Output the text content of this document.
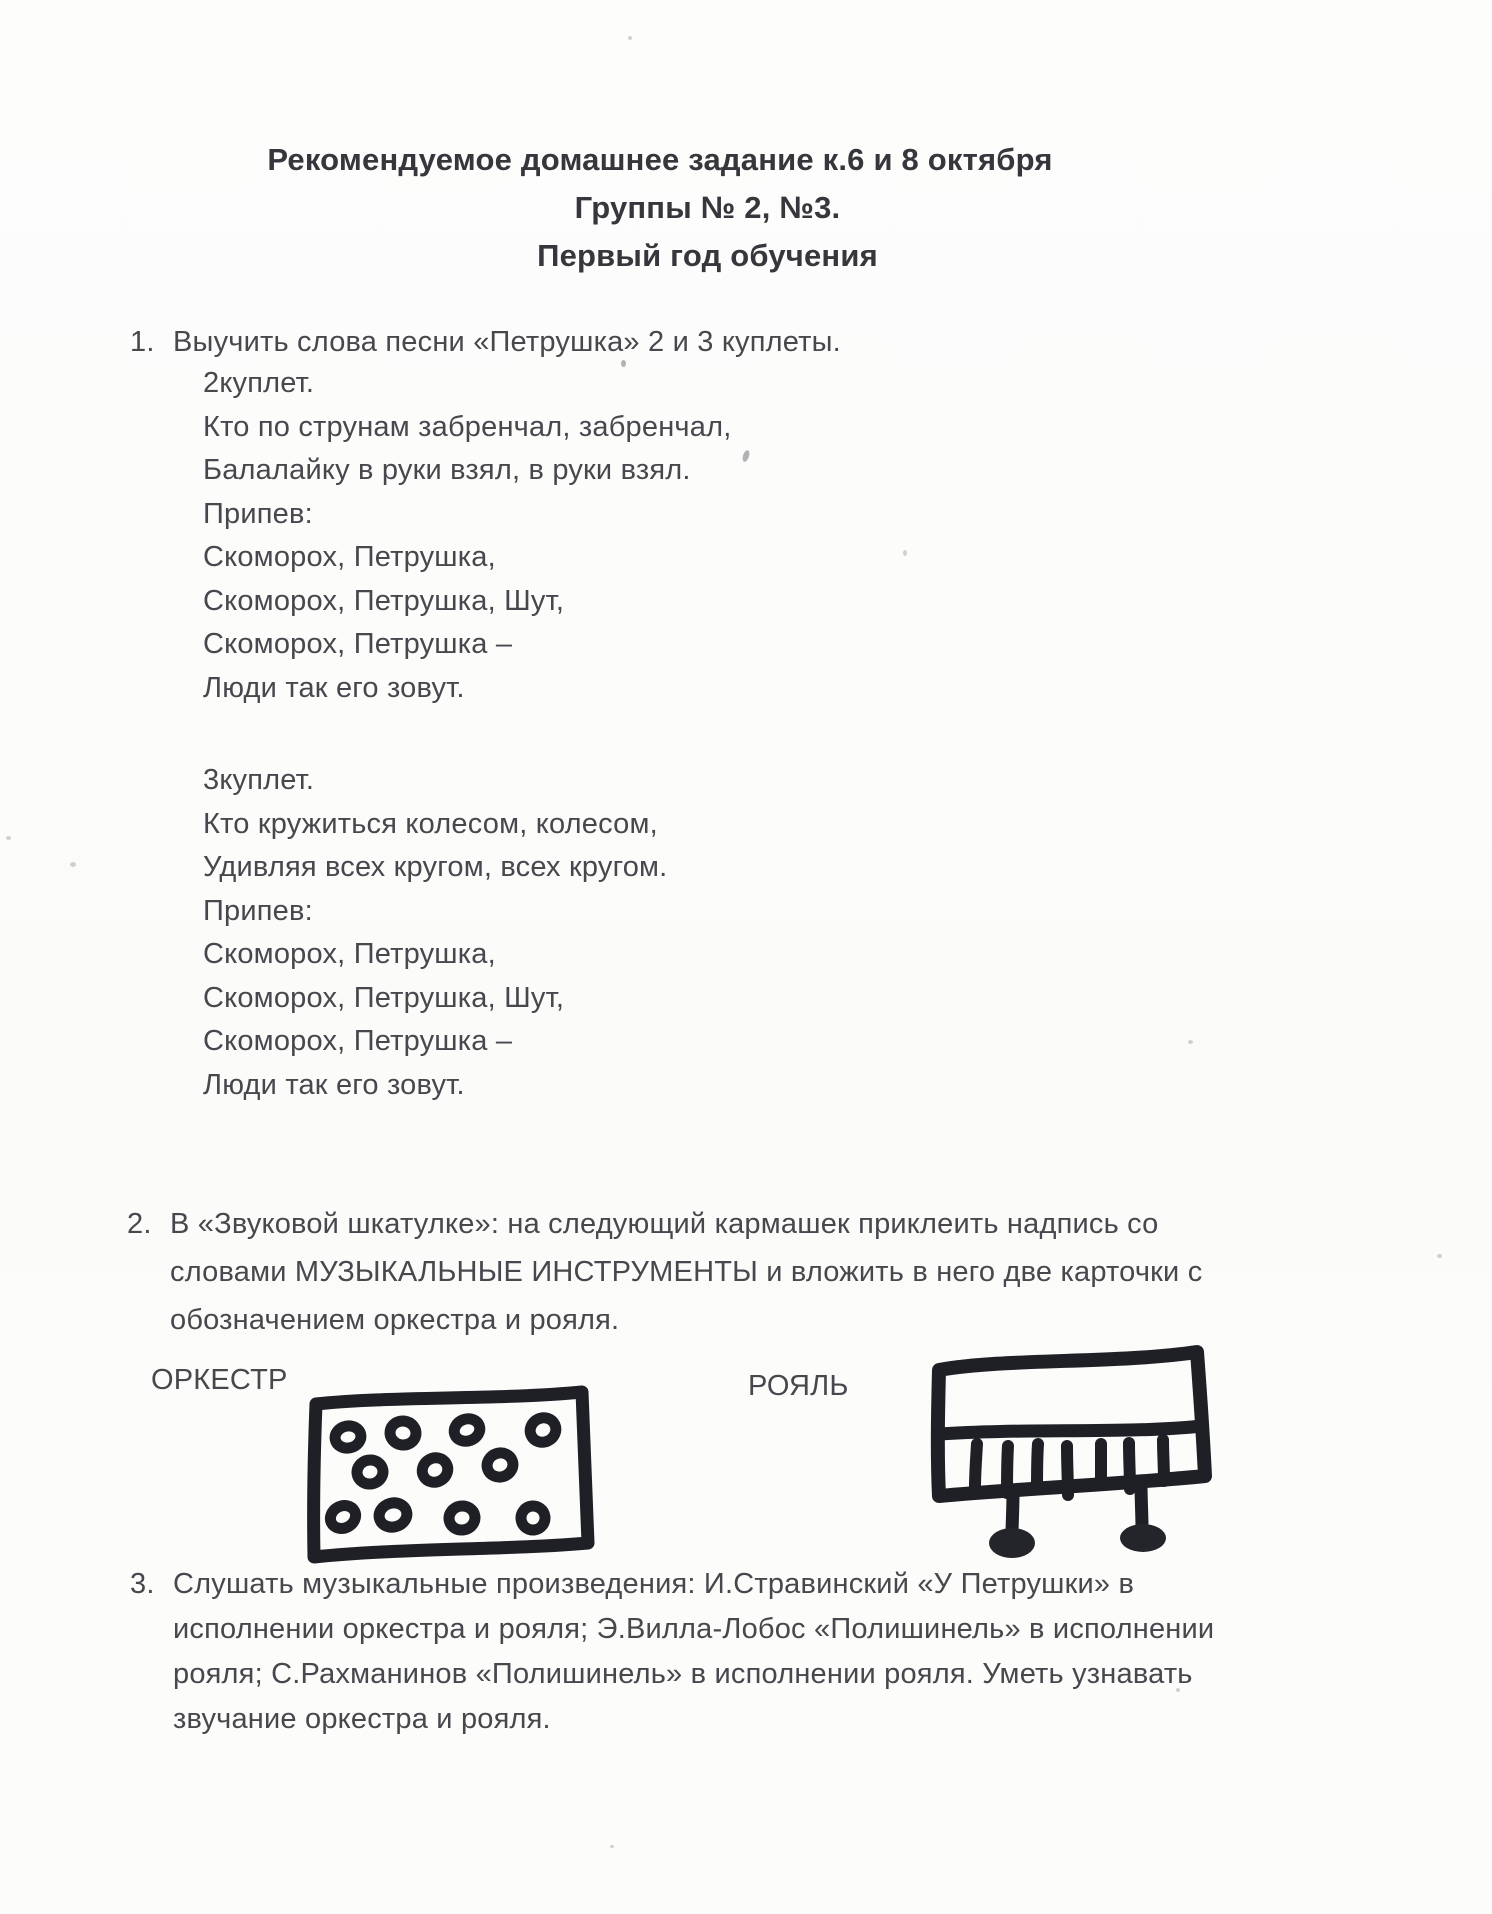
Рекомендуемое домашнее задание к.6 и 8 октября
Группы № 2, №3.
Первый год обучения
1. Выучить слова песни «Петрушка» 2 и 3 куплеты.
2куплет.
Кто по струнам забренчал, забренчал,
Балалайку в руки взял, в руки взял.
Припев:
Скоморох, Петрушка,
Скоморох, Петрушка, Шут,
Скоморох, Петрушка –
Люди так его зовут.
3куплет.
Кто кружиться колесом, колесом,
Удивляя всех кругом, всех кругом.
Припев:
Скоморох, Петрушка,
Скоморох, Петрушка, Шут,
Скоморох, Петрушка –
Люди так его зовут.
2. В «Звуковой шкатулке»: на следующий кармашек приклеить надпись со
словами МУЗЫКАЛЬНЫЕ ИНСТРУМЕНТЫ и вложить в него две карточки с
обозначением оркестра и рояля.
ОРКЕСТР	РОЯЛЬ
3. Слушать музыкальные произведения: И.Стравинский «У Петрушки» в
исполнении оркестра и рояля; Э.Вилла-Лобос «Полишинель» в исполнении
рояля; С.Рахманинов «Полишинель» в исполнении рояля. Уметь узнавать
звучание оркестра и рояля.
